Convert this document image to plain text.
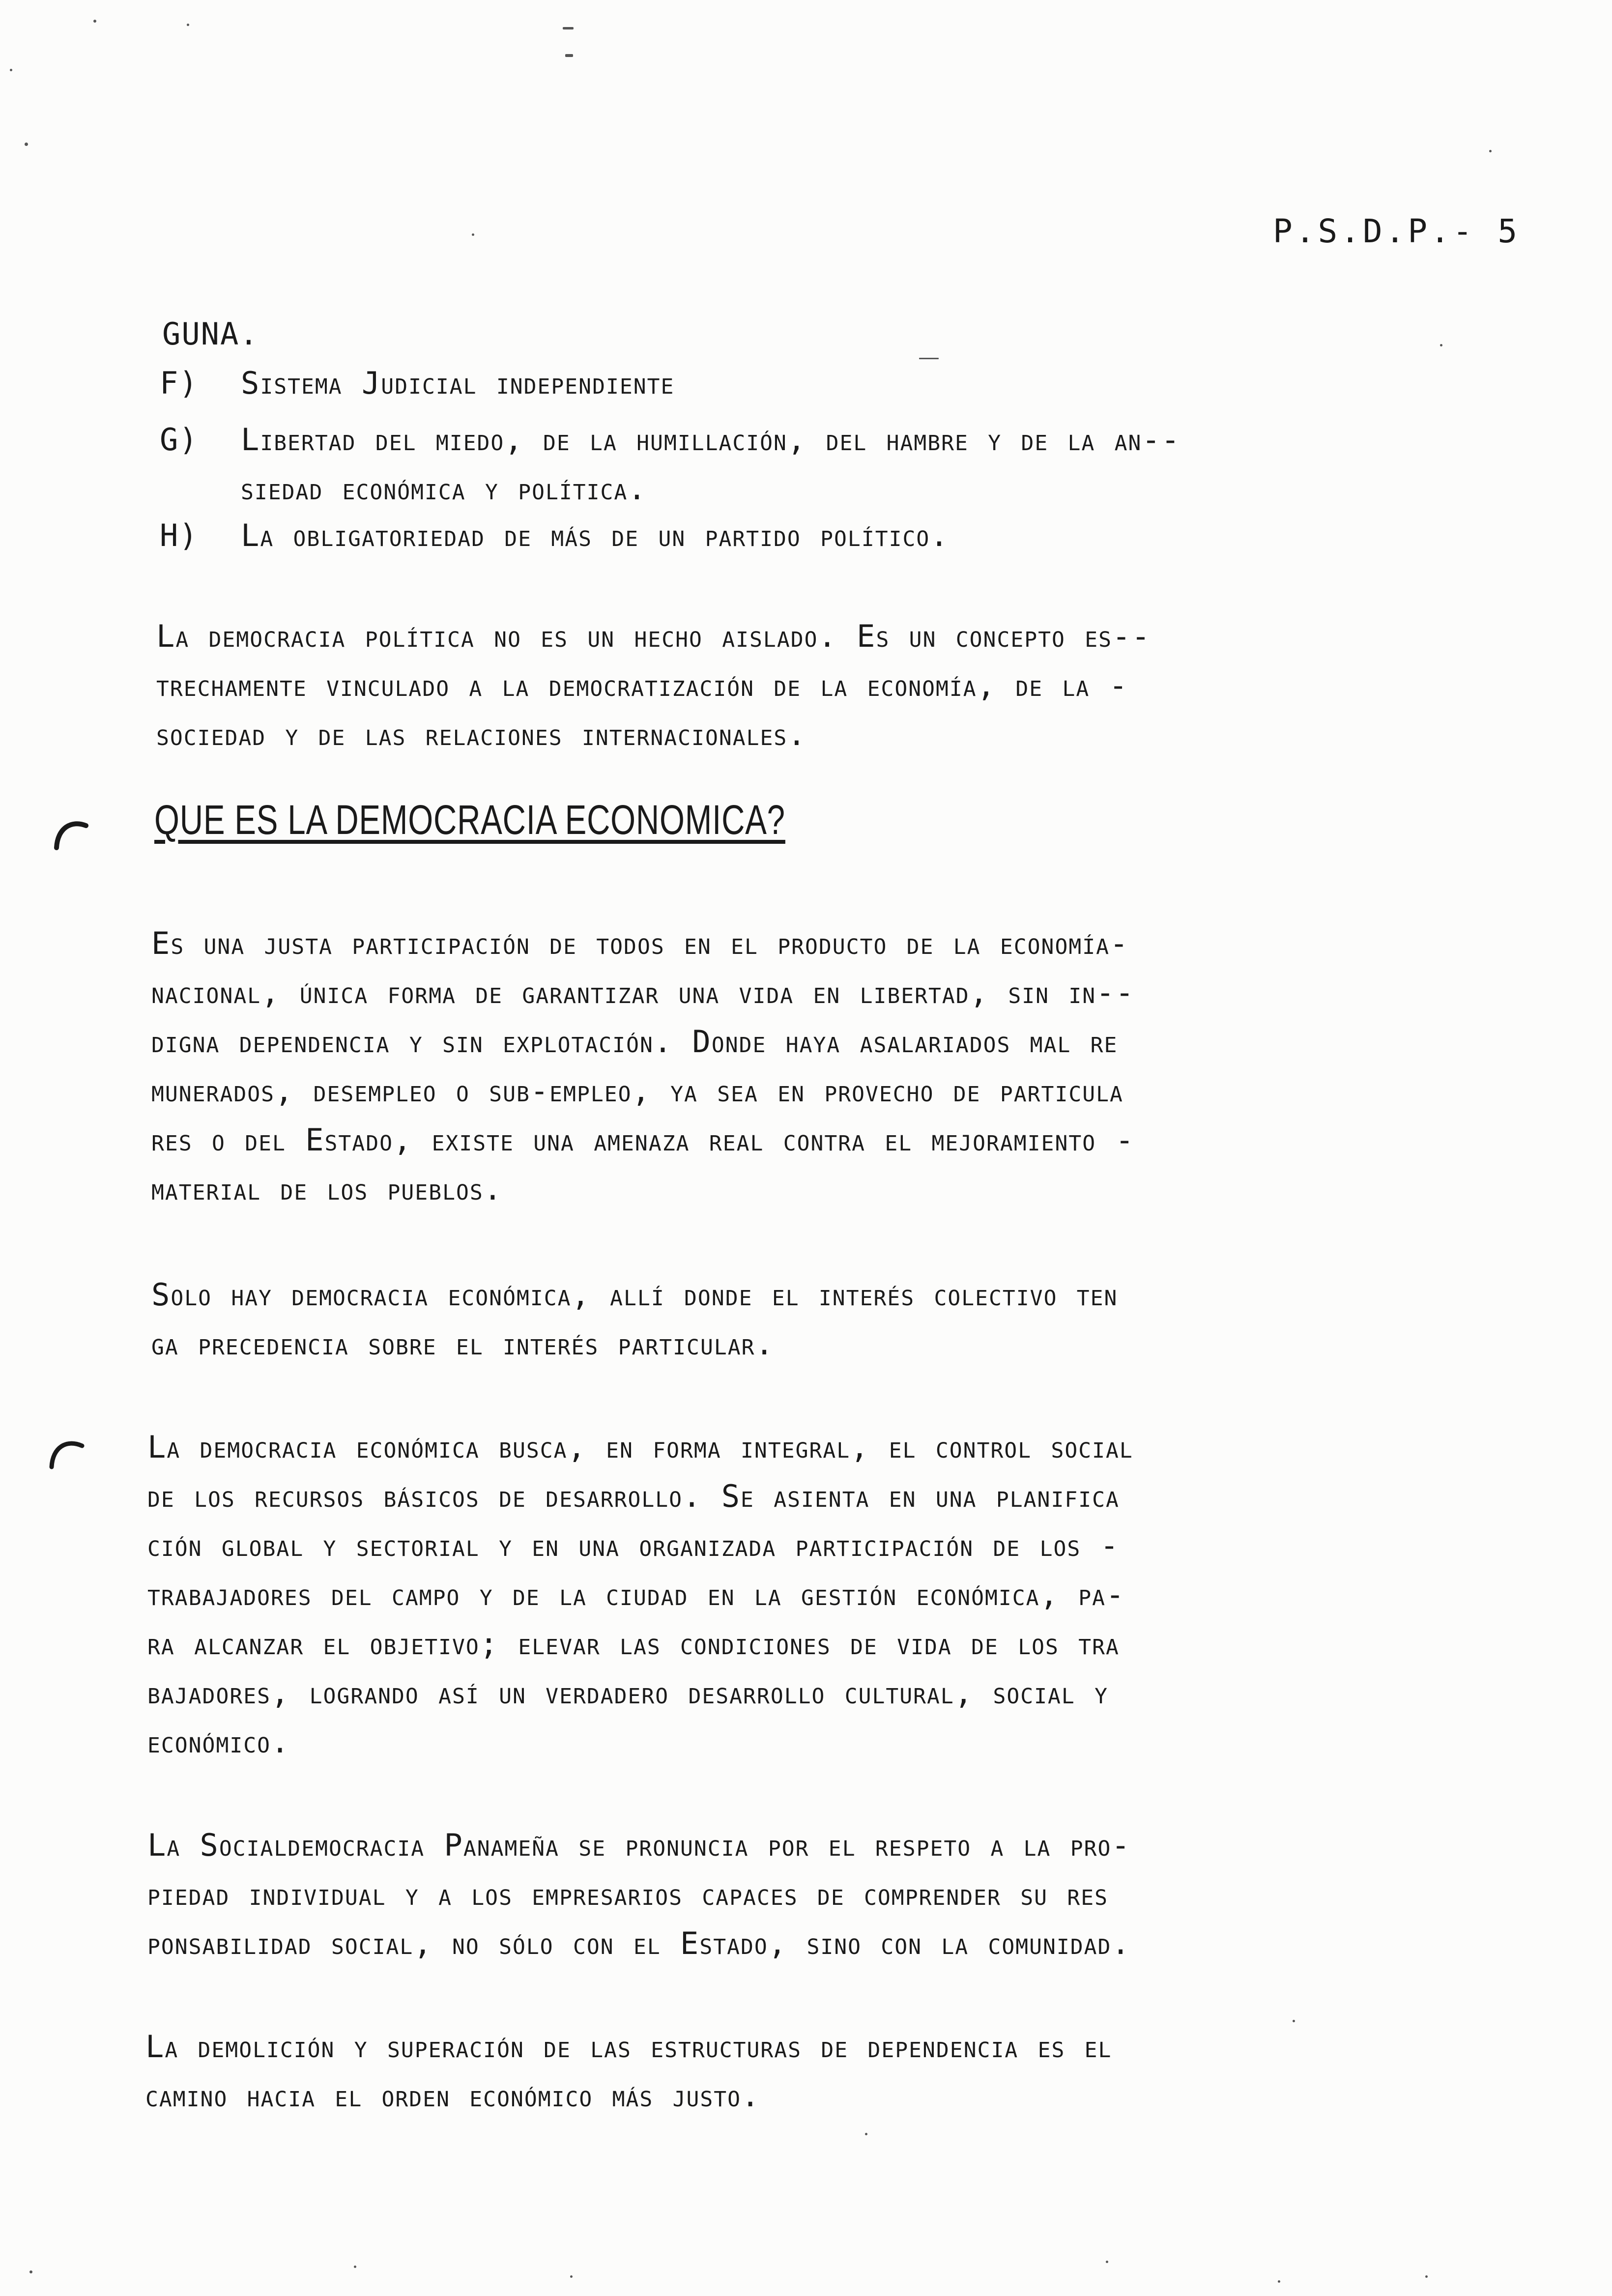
P.S.D.P.- 5
GUNA.
F)	Sistema Judicial independiente
G)	Libertad del miedo, de la humillación, del hambre y de la an--
siedad económica y política.
H)	La obligatoriedad de más de un partido político.
La democracia política no es un hecho aislado. Es un concepto es--
trechamente vinculado a la democratización de la economía, de la -
sociedad y de las relaciones internacionales.
QUE ES LA DEMOCRACIA ECONOMICA?
Es una justa participación de todos en el producto de la economía-
nacional, única forma de garantizar una vida en libertad, sin in--
digna dependencia y sin explotación. Donde haya asalariados mal re
munerados, desempleo o sub-empleo, ya sea en provecho de particula
res o del Estado, existe una amenaza real contra el mejoramiento -
material de los pueblos.
Solo hay democracia económica, allí donde el interés colectivo ten
ga precedencia sobre el interés particular.
La democracia económica busca, en forma integral, el control social
de los recursos básicos de desarrollo. Se asienta en una planifica
ción global y sectorial y en una organizada participación de los -
trabajadores del campo y de la ciudad en la gestión económica, pa-
ra alcanzar el objetivo; elevar las condiciones de vida de los tra
bajadores, logrando así un verdadero desarrollo cultural, social y
económico.
La Socialdemocracia Panameña se pronuncia por el respeto a la pro-
piedad individual y a los empresarios capaces de comprender su res
ponsabilidad social, no sólo con el Estado, sino con la comunidad.
La demolición y superación de las estructuras de dependencia es el
camino hacia el orden económico más justo.
